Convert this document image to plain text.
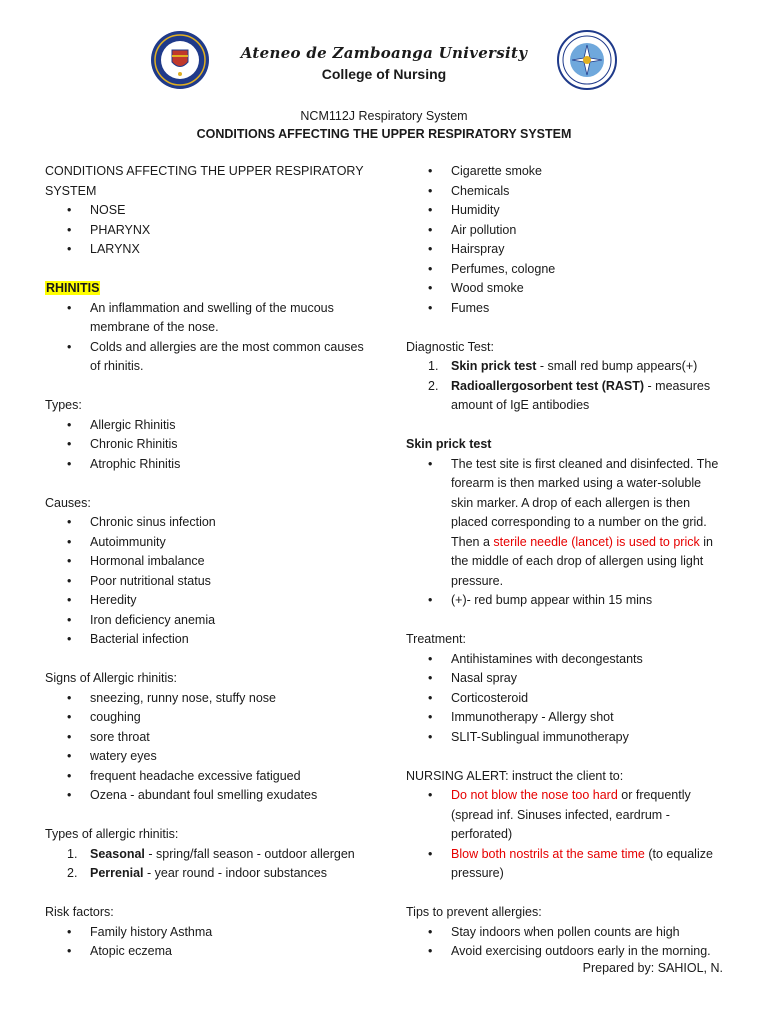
Ateneo de Zamboanga University
College of Nursing
NCM112J Respiratory System
CONDITIONS AFFECTING THE UPPER RESPIRATORY SYSTEM
CONDITIONS AFFECTING THE UPPER RESPIRATORY SYSTEM
• NOSE
• PHARYNX
• LARYNX
RHINITIS
• An inflammation and swelling of the mucous membrane of the nose.
• Colds and allergies are the most common causes of rhinitis.
Types:
• Allergic Rhinitis
• Chronic Rhinitis
• Atrophic Rhinitis
Causes:
• Chronic sinus infection
• Autoimmunity
• Hormonal imbalance
• Poor nutritional status
• Heredity
• Iron deficiency anemia
• Bacterial infection
Signs of Allergic rhinitis:
• sneezing, runny nose, stuffy nose
• coughing
• sore throat
• watery eyes
• frequent headache excessive fatigued
• Ozena - abundant foul smelling exudates
Types of allergic rhinitis:
1. Seasonal - spring/fall season - outdoor allergen
2. Perrenial - year round - indoor substances
Risk factors:
• Family history Asthma
• Atopic eczema
• Cigarette smoke
• Chemicals
• Humidity
• Air pollution
• Hairspray
• Perfumes, cologne
• Wood smoke
• Fumes
Diagnostic Test:
1. Skin prick test - small red bump appears(+)
2. Radioallergosorbent test (RAST) - measures amount of IgE antibodies
Skin prick test
• The test site is first cleaned and disinfected. The forearm is then marked using a water-soluble skin marker. A drop of each allergen is then placed corresponding to a number on the grid. Then a sterile needle (lancet) is used to prick in the middle of each drop of allergen using light pressure.
• (+)- red bump appear within 15 mins
Treatment:
• Antihistamines with decongestants
• Nasal spray
• Corticosteroid
• Immunotherapy - Allergy shot
• SLIT-Sublingual immunotherapy
NURSING ALERT: instruct the client to:
• Do not blow the nose too hard or frequently (spread inf. Sinuses infected, eardrum - perforated)
• Blow both nostrils at the same time (to equalize pressure)
Tips to prevent allergies:
• Stay indoors when pollen counts are high
• Avoid exercising outdoors early in the morning.
Prepared by: SAHIOL, N.
